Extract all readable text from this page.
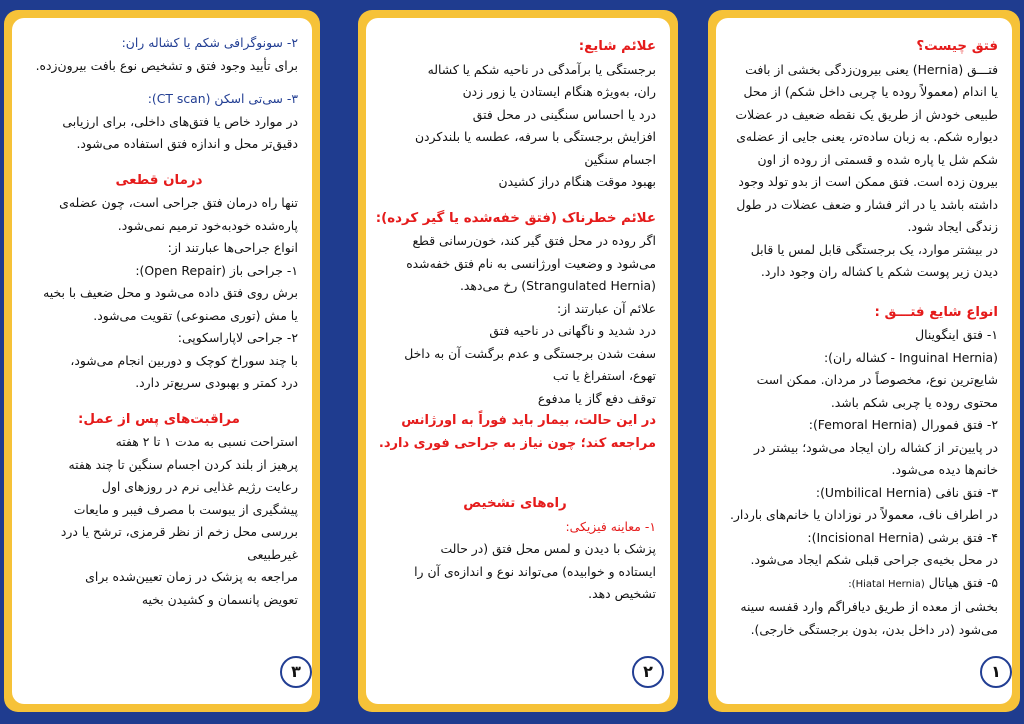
۲- سونوگرافی شکم یا کشاله ران:

برای تأیید وجود فتق و تشخیص نوع بافت بیرون‌زده.

۳- سی‌تی اسکن (CT scan):

در موارد خاص یا فتق‌های داخلی، برای ارزیابی

دقیق‌تر محل و اندازه فتق استفاده می‌شود.

درمان قطعی

تنها راه درمان فتق جراحی است، چون عضله‌ی

پاره‌شده خودبه‌خود ترمیم نمی‌شود.

انواع جراحی‌ها عبارتند از:

۱- جراحی باز (Open Repair):

برش روی فتق داده می‌شود و محل ضعیف با بخیه

یا مش (توری مصنوعی) تقویت می‌شود.

۲- جراحی لاپاراسکوپی:

با چند سوراخ کوچک و دوربین انجام می‌شود،

درد کمتر و بهبودی سریع‌تر دارد.

مراقبت‌های پس از عمل:

استراحت نسبی به مدت ۱ تا ۲ هفته

پرهیز از بلند کردن اجسام سنگین تا چند هفته

رعایت رژیم غذایی نرم در روزهای اول

پیشگیری از یبوست با مصرف فیبر و مایعات

بررسی محل زخم از نظر قرمزی، ترشح یا درد

غیرطبیعی

مراجعه به پزشک در زمان تعیین‌شده برای

تعویض پانسمان و کشیدن بخیه

۳

علائم شایع:

برجستگی یا برآمدگی در ناحیه شکم یا کشاله

ران، به‌ویژه هنگام ایستادن یا زور زدن

درد یا احساس سنگینی در محل فتق

افزایش برجستگی با سرفه، عطسه یا بلندکردن

اجسام سنگین

بهبود موقت هنگام دراز کشیدن

علائم خطرناک (فتق خفه‌شده یا گیر کرده):

اگر روده در محل فتق گیر کند، خون‌رسانی قطع

می‌شود و وضعیت اورژانسی به نام فتق خفه‌شده

(Strangulated Hernia) رخ می‌دهد.

علائم آن عبارتند از:

درد شدید و ناگهانی در ناحیه فتق

سفت شدن برجستگی و عدم برگشت آن به داخل

تهوع، استفراغ یا تب

توقف دفع گاز یا مدفوع

در این حالت، بیمار باید فوراً به اورژانس

مراجعه کند؛ چون نیاز به جراحی فوری دارد.

راه‌های تشخیص

۱- معاینه فیزیکی:

پزشک با دیدن و لمس محل فتق (در حالت

ایستاده و خوابیده) می‌تواند نوع و اندازه‌ی آن را

تشخیص دهد.

۲

فتق چیست؟

فتـــق (Hernia) یعنی بیرون‌زدگی بخشی از بافت

یا اندام (معمولاً روده یا چربی داخل شکم) از محل

طبیعی خودش از طریق یک نقطه ضعیف در عضلات

دیواره شکم. به زبان ساده‌تر، یعنی جایی از عضله‌ی

شکم شل یا پاره شده و قسمتی از روده از اون

بیرون زده است. فتق ممکن است از بدو تولد وجود

داشته باشد یا در اثر فشار و ضعف عضلات در طول

زندگی ایجاد شود.

در بیشتر موارد، یک برجستگی قابل لمس یا قابل

دیدن زیر پوست شکم یا کشاله ران وجود دارد.

انواع شایع فتـــق :

۱- فتق اینگوینال

(Inguinal Hernia - کشاله ران):

شایع‌ترین نوع، مخصوصاً در مردان. ممکن است

محتوی روده یا چربی شکم باشد.

۲- فتق فمورال (Femoral Hernia):

در پایین‌تر از کشاله ران ایجاد می‌شود؛ بیشتر در

خانم‌ها دیده می‌شود.

۳- فتق نافی (Umbilical Hernia):

در اطراف ناف، معمولاً در نوزادان یا خانم‌های باردار.

۴- فتق برشی (Incisional Hernia):

در محل بخیه‌ی جراحی قبلی شکم ایجاد می‌شود.

۵- فتق هیاتال (Hiatal Hernia):

بخشی از معده از طریق دیافراگم وارد قفسه سینه

می‌شود (در داخل بدن، بدون برجستگی خارجی).

۱
